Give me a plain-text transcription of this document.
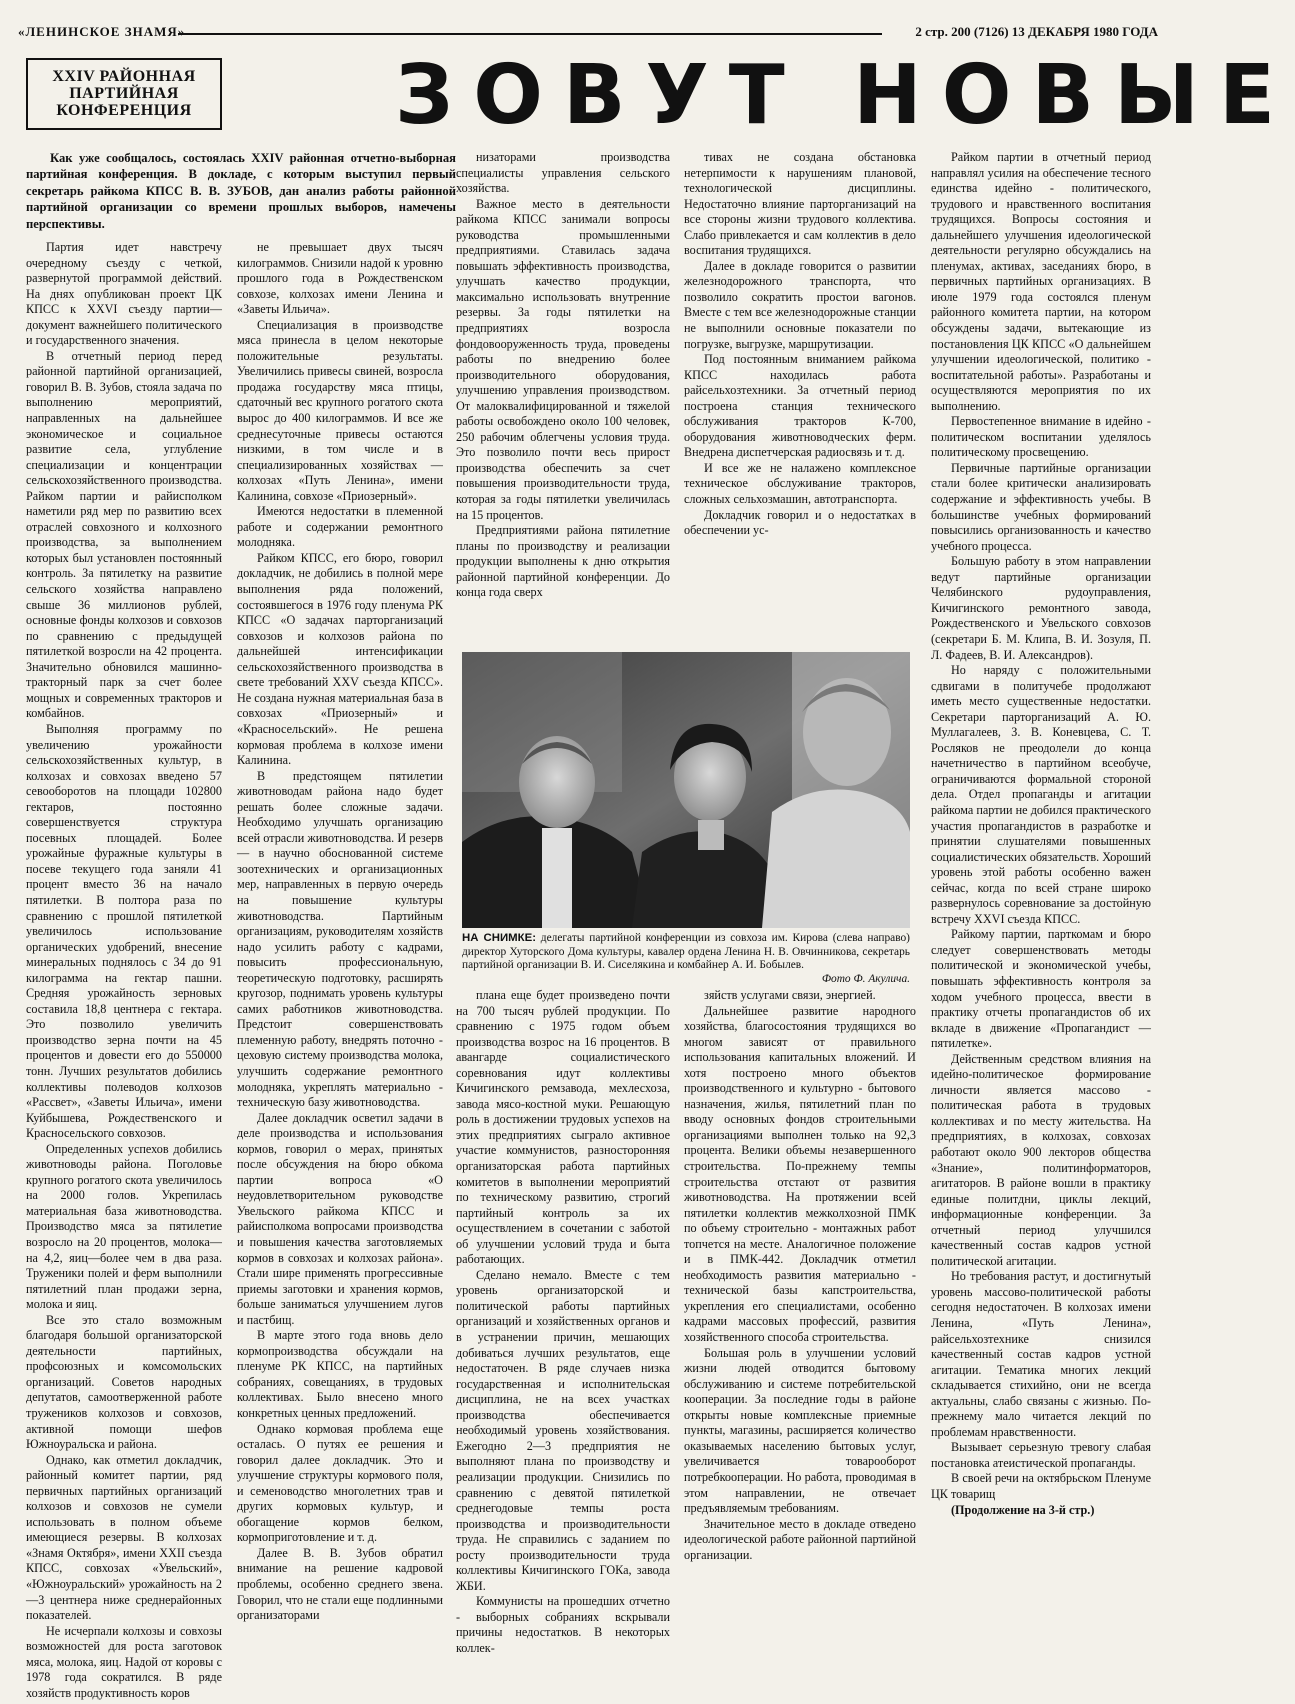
«ЛЕНИНСКОЕ ЗНАМЯ»	2 стр. 200 (7126) 13 ДЕКАБРЯ 1980 ГОДА
XXIV РАЙОННАЯ
ПАРТИЙНАЯ
КОНФЕРЕНЦИЯ	ЗОВУТ НОВЫЕ
Как уже сообщалось, состоялась XXIV районная отчетно-выборная партийная конференция. В докладе, с которым выступил первый секретарь райкома КПСС В. В. ЗУБОВ, дан анализ работы районной партийной организации со времени прошлых выборов, намечены перспективы.

Партия идет навстречу очередному съезду с четкой, развернутой программой действий. На днях опубликован проект ЦК КПСС к XXVI съезду партии—документ важнейшего политического и государственного значения.

В отчетный период перед районной партийной организацией, говорил В. В. Зубов, стояла задача по выполнению мероприятий, направленных на дальнейшее экономическое и социальное развитие села, углубление специализации и концентрации сельскохозяйственного производства. Райком партии и райисполком наметили ряд мер по развитию всех отраслей совхозного и колхозного производства, за выполнением которых был установлен постоянный контроль. За пятилетку на развитие сельского хозяйства направлено свыше 36 миллионов рублей, основные фонды колхозов и совхозов по сравнению с предыдущей пятилеткой возросли на 42 процента. Значительно обновился машинно-тракторный парк за счет более мощных и современных тракторов и комбайнов.

Выполняя программу по увеличению урожайности сельскохозяйственных культур, в колхозах и совхозах введено 57 севооборотов на площади 102800 гектаров, постоянно совершенствуется структура посевных площадей. Более урожайные фуражные культуры в посеве текущего года заняли 41 процент вместо 36 на начало пятилетки. В полтора раза по сравнению с прошлой пятилеткой увеличилось использование органических удобрений, внесение минеральных поднялось с 34 до 91 килограмма на гектар пашни. Средняя урожайность зерновых составила 18,8 центнера с гектара. Это позволило увеличить производство зерна почти на 45 процентов и довести его до 550000 тонн. Лучших результатов добились коллективы полеводов колхозов «Рассвет», «Заветы Ильича», имени Куйбышева, Рождественского и Красносельского совхозов.

Определенных успехов добились животноводы района. Поголовье крупного рогатого скота увеличилось на 2000 голов. Укрепилась материальная база животноводства. Производство мяса за пятилетие возросло на 20 процентов, молока—на 4,2, яиц—более чем в два раза. Труженики полей и ферм выполнили пятилетний план продажи зерна, молока и яиц.

Все это стало возможным благодаря большой организаторской деятельности партийных, профсоюзных и комсомольских организаций. Советов народных депутатов, самоотверженной работе тружеников колхозов и совхозов, активной помощи шефов Южноуральска и района.

Однако, как отметил докладчик, районный комитет партии, ряд первичных партийных организаций колхозов и совхозов не сумели использовать в полном объеме имеющиеся резервы. В колхозах «Знамя Октября», имени XXII съезда КПСС, совхозах «Увельский», «Южноуральский» урожайность на 2—3 центнера ниже среднерайонных показателей.

Не исчерпали колхозы и совхозы возможностей для роста заготовок мяса, молока, яиц. Надой от коровы с 1978 года сократился. В ряде хозяйств продуктивность коров

не превышает двух тысяч килограммов. Снизили надой к уровню прошлого года в Рождественском совхозе, колхозах имени Ленина и «Заветы Ильича».

Специализация в производстве мяса принесла в целом некоторые положительные результаты. Увеличились привесы свиней, возросла продажа государству мяса птицы, сдаточный вес крупного рогатого скота вырос до 400 килограммов. И все же среднесуточные привесы остаются низкими, в том числе и в специализированных хозяйствах — колхозах «Путь Ленина», имени Калинина, совхозе «Приозерный».

Имеются недостатки в племенной работе и содержании ремонтного молодняка.

Райком КПСС, его бюро, говорил докладчик, не добились в полной мере выполнения ряда положений, состоявшегося в 1976 году пленума РК КПСС «О задачах парторганизаций совхозов и колхозов района по дальнейшей интенсификации сельскохозяйственного производства в свете требований XXV съезда КПСС». Не создана нужная материальная база в совхозах «Приозерный» и «Красносельский». Не решена кормовая проблема в колхозе имени Калинина.

В предстоящем пятилетии животноводам района надо будет решать более сложные задачи. Необходимо улучшать организацию всей отрасли животноводства. И резерв — в научно обоснованной системе зоотехнических и организационных мер, направленных в первую очередь на повышение культуры животноводства. Партийным организациям, руководителям хозяйств надо усилить работу с кадрами, повысить профессиональную, теоретическую подготовку, расширять кругозор, поднимать уровень культуры самих работников животноводства. Предстоит совершенствовать племенную работу, внедрять поточно - цеховую систему производства молока, улучшить содержание ремонтного молодняка, укреплять материально - техническую базу животноводства.

Далее докладчик осветил задачи в деле производства и использования кормов, говорил о мерах, принятых после обсуждения на бюро обкома партии вопроса «О неудовлетворительном руководстве Увельского райкома КПСС и райисполкома вопросами производства и повышения качества заготовляемых кормов в совхозах и колхозах района». Стали шире применять прогрессивные приемы заготовки и хранения кормов, больше заниматься улучшением лугов и пастбищ.

В марте этого года вновь дело кормопроизводства обсуждали на пленуме РК КПСС, на партийных собраниях, совещаниях, в трудовых коллективах. Было внесено много конкретных ценных предложений.

Однако кормовая проблема еще осталась. О путях ее решения и говорил далее докладчик. Это и улучшение структуры кормового поля, и семеноводство многолетних трав и других кормовых культур, и обогащение кормов белком, кормоприготовление и т. д.

Далее В. В. Зубов обратил внимание на решение кадровой проблемы, особенно среднего звена. Говорил, что не стали еще подлинными организаторами

низаторами производства специалисты управления сельского хозяйства.

Важное место в деятельности райкома КПСС занимали вопросы руководства промышленными предприятиями. Ставилась задача повышать эффективность производства, улучшать качество продукции, максимально использовать внутренние резервы. За годы пятилетки на предприятиях возросла фондовооруженность труда, проведены работы по внедрению более производительного оборудования, улучшению управления производством. От малоквалифицированной и тяжелой работы освобождено около 100 человек, 250 рабочим облегчены условия труда. Это позволило почти весь прирост производства обеспечить за счет повышения производительности труда, которая за годы пятилетки увеличилась на 15 процентов.

Предприятиями района пятилетние планы по производству и реализации продукции выполнены к дню открытия районной партийной конференции. До конца года сверх

тивах не создана обстановка нетерпимости к нарушениям плановой, технологической дисциплины. Недостаточно влияние парторганизаций на все стороны жизни трудового коллектива. Слабо привлекается и сам коллектив в дело воспитания трудящихся.

Далее в докладе говорится о развитии железнодорожного транспорта, что позволило сократить простои вагонов. Вместе с тем все железнодорожные станции не выполнили основные показатели по погрузке, выгрузке, маршрутизации.

Под постоянным вниманием райкома КПСС находилась работа райсельхозтехники. За отчетный период построена станция технического обслуживания тракторов К-700, оборудования животноводческих ферм. Внедрена диспетчерская радиосвязь и т. д.

И все же не налажено комплексное техническое обслуживание тракторов, сложных сельхозмашин, автотранспорта.

Докладчик говорил и о недостатках в обеспечении ус-

НА СНИМКЕ: делегаты партийной конференции из совхоза им. Кирова (слева направо) директор Хуторского Дома культуры, кавалер ордена Ленина Н. В. Овчинникова, секретарь партийной организации В. И. Сиселякина и комбайнер А. И. Бобылев.
Фото Ф. Акулича.

плана еще будет произведено почти на 700 тысяч рублей продукции. По сравнению с 1975 годом объем производства возрос на 16 процентов. В авангарде социалистического соревнования идут коллективы Кичигинского ремзавода, мехлесхоза, завода мясо-костной муки. Решающую роль в достижении трудовых успехов на этих предприятиях сыграло активное участие коммунистов, разносторонняя организаторская работа партийных комитетов в выполнении мероприятий по техническому развитию, строгий партийный контроль за их осуществлением в сочетании с заботой об улучшении условий труда и быта работающих.

Сделано немало. Вместе с тем уровень организаторской и политической работы партийных организаций и хозяйственных органов и в устранении причин, мешающих добиваться лучших результатов, еще недостаточен. В ряде случаев низка государственная и исполнительская дисциплина, не на всех участках производства обеспечивается необходимый уровень хозяйствования. Ежегодно 2—3 предприятия не выполняют плана по производству и реализации продукции. Снизились по сравнению с девятой пятилеткой среднегодовые темпы роста производства и производительности труда. Не справились с заданием по росту производительности труда коллективы Кичигинского ГОКа, завода ЖБИ.

Коммунисты на прошедших отчетно - выборных собраниях вскрывали причины недостатков. В некоторых коллек-

зяйств услугами связи, энергией.

Дальнейшее развитие народного хозяйства, благосостояния трудящихся во многом зависят от правильного использования капитальных вложений. И хотя построено много объектов производственного и культурно - бытового назначения, жилья, пятилетний план по вводу основных фондов строительными организациями выполнен только на 92,3 процента. Велики объемы незавершенного строительства. По-прежнему темпы строительства отстают от развития животноводства. На протяжении всей пятилетки коллектив межколхозной ПМК по объему строительно - монтажных работ топчется на месте. Аналогичное положение и в ПМК-442. Докладчик отметил необходимость развития материально - технической базы капстроительства, укрепления его специалистами, особенно кадрами массовых профессий, развития хозяйственного способа строительства.

Большая роль в улучшении условий жизни людей отводится бытовому обслуживанию и системе потребительской кооперации. За последние годы в районе открыты новые комплексные приемные пункты, магазины, расширяется количество оказываемых населению бытовых услуг, увеличивается товарооборот потребкооперации. Но работа, проводимая в этом направлении, не отвечает предъявляемым требованиям.

Значительное место в докладе отведено идеологической работе районной партийной организации.

Райком партии в отчетный период направлял усилия на обеспечение тесного единства идейно - политического, трудового и нравственного воспитания трудящихся. Вопросы состояния и дальнейшего улучшения идеологической деятельности регулярно обсуждались на пленумах, активах, заседаниях бюро, в первичных партийных организациях. В июле 1979 года состоялся пленум районного комитета партии, на котором обсуждены задачи, вытекающие из постановления ЦК КПСС «О дальнейшем улучшении идеологической, политико - воспитательной работы». Разработаны и осуществляются мероприятия по их выполнению.

Первостепенное внимание в идейно - политическом воспитании уделялось политическому просвещению.

Первичные партийные организации стали более критически анализировать содержание и эффективность учебы. В большинстве учебных формирований повысились организованность и качество учебного процесса.

Большую работу в этом направлении ведут партийные организации Челябинского рудоуправления, Кичигинского ремонтного завода, Рождественского и Увельского совхозов (секретари Б. М. Клипа, В. И. Зозуля, П. Л. Фадеев, В. И. Александров).

Но наряду с положительными сдвигами в политучебе продолжают иметь место существенные недостатки. Секретари парторганизаций А. Ю. Муллагалеев, З. В. Коневцева, С. Т. Росляков не преодолели до конца начетничество в партийном всеобуче, ограничиваются формальной стороной дела. Отдел пропаганды и агитации райкома партии не добился практического участия пропагандистов в разработке и принятии слушателями повышенных социалистических обязательств. Хороший уровень этой работы особенно важен сейчас, когда по всей стране широко развернулось соревнование за достойную встречу XXVI съезда КПСС.

Райкому партии, парткомам и бюро следует совершенствовать методы политической и экономической учебы, повышать эффективность контроля за ходом учебного процесса, ввести в практику отчеты пропагандистов об их вкладе в движение «Пропагандист — пятилетке».

Действенным средством влияния на идейно-политическое формирование личности является массово - политическая работа в трудовых коллективах и по месту жительства. На предприятиях, в колхозах, совхозах работают около 900 лекторов общества «Знание», политинформаторов, агитаторов. В районе вошли в практику единые политдни, циклы лекций, информационные конференции. За отчетный период улучшился качественный состав кадров устной политической агитации.

Но требования растут, и достигнутый уровень массово-политической работы сегодня недостаточен. В колхозах имени Ленина, «Путь Ленина», райсельхозтехнике снизился качественный состав кадров устной агитации. Тематика многих лекций складывается стихийно, они не всегда актуальны, слабо связаны с жизнью. По-прежнему мало читается лекций по проблемам нравственности.

Вызывает серьезную тревогу слабая постановка атеистической пропаганды.

В своей речи на октябрьском Пленуме ЦК товарищ

(Продолжение на 3-й стр.)
